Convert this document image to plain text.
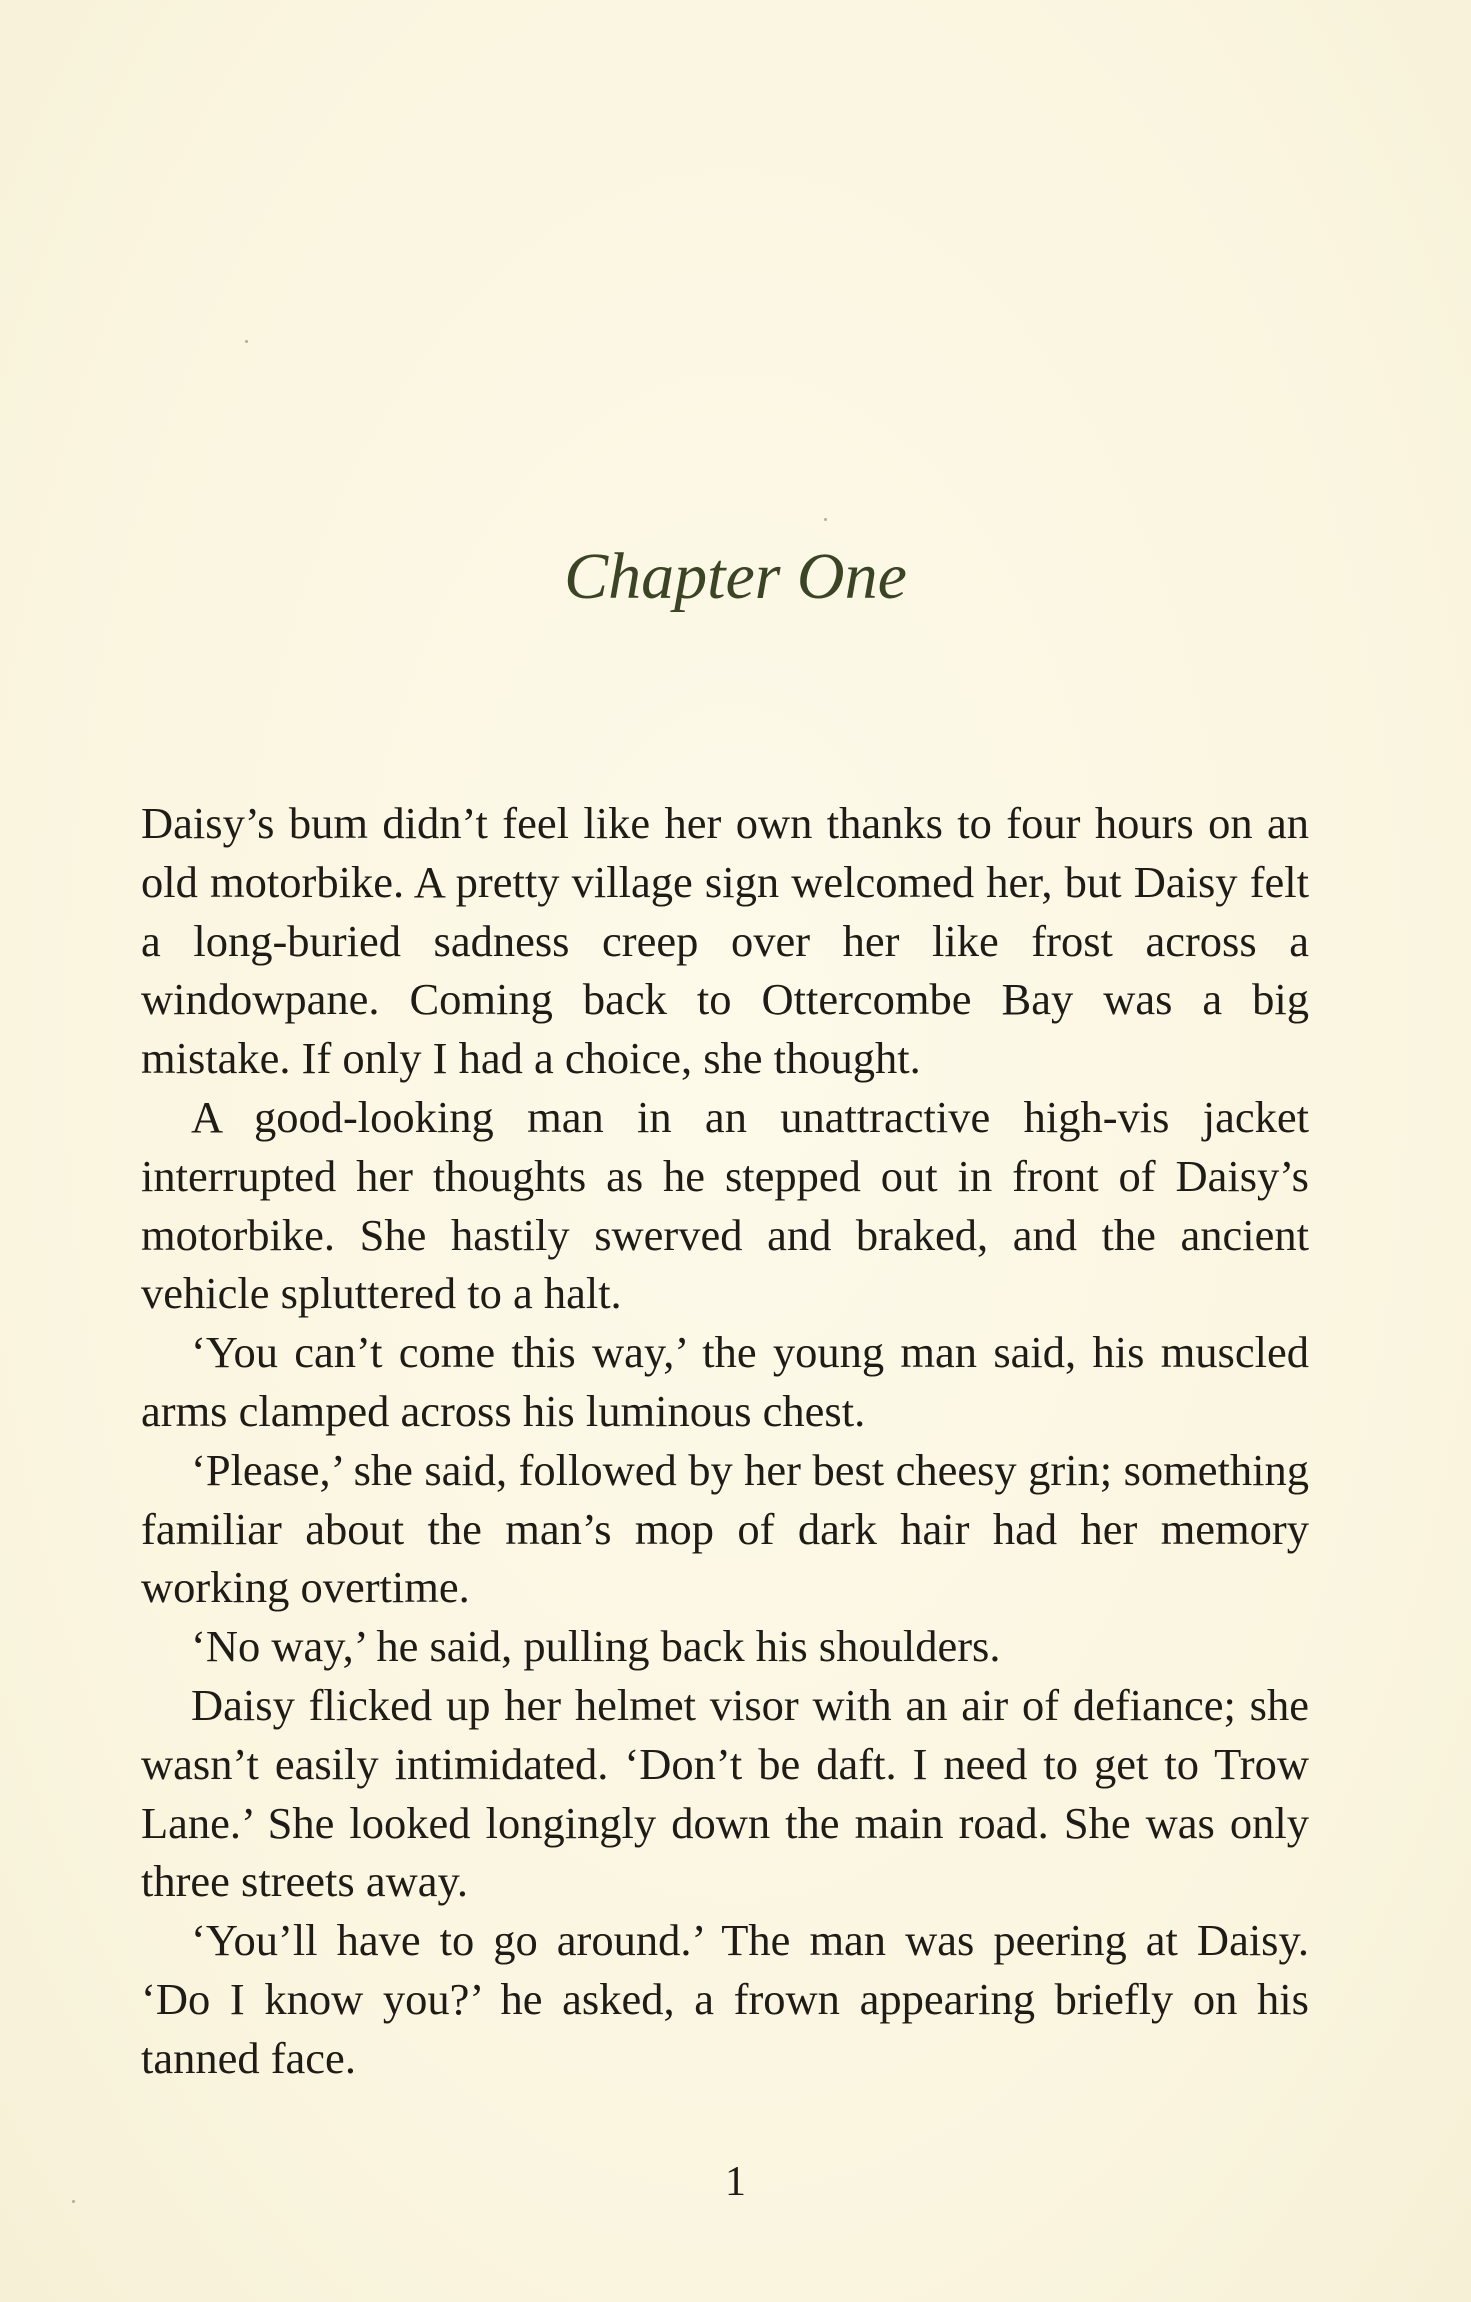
Chapter One

Daisy’s bum didn’t feel like her own thanks to four hours on an old motorbike. A pretty village sign welcomed her, but Daisy felt a long-buried sadness creep over her like frost across a windowpane. Coming back to Ottercombe Bay was a big mistake. If only I had a choice, she thought.

A good-looking man in an unattractive high-vis jacket interrupted her thoughts as he stepped out in front of Daisy’s motorbike. She hastily swerved and braked, and the ancient vehicle spluttered to a halt.

‘You can’t come this way,’ the young man said, his muscled arms clamped across his luminous chest.

‘Please,’ she said, followed by her best cheesy grin; something familiar about the man’s mop of dark hair had her memory working overtime.

‘No way,’ he said, pulling back his shoulders.

Daisy flicked up her helmet visor with an air of defiance; she wasn’t easily intimidated. ‘Don’t be daft. I need to get to Trow Lane.’ She looked longingly down the main road. She was only three streets away.

‘You’ll have to go around.’ The man was peering at Daisy. ‘Do I know you?’ he asked, a frown appearing briefly on his tanned face.

1
